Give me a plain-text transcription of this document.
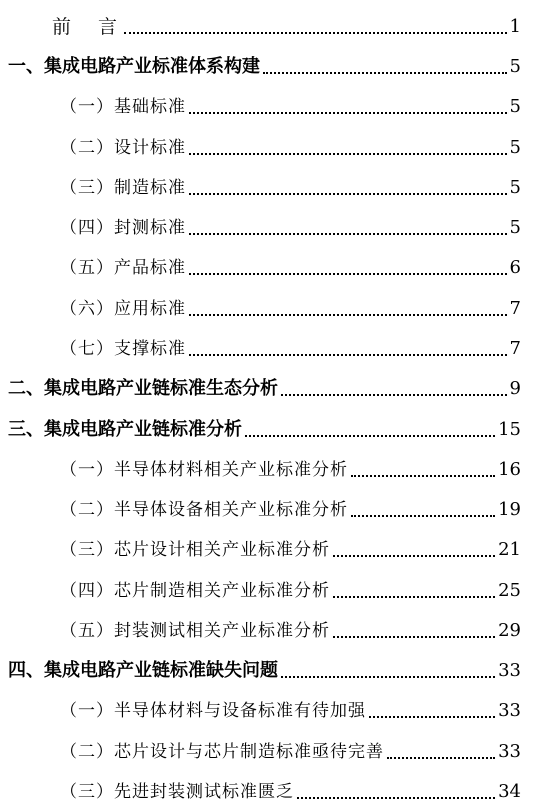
前　言	1
一、集成电路产业标准体系构建	5
（一）基础标准	5
（二）设计标准	5
（三）制造标准	5
（四）封测标准	5
（五）产品标准	6
（六）应用标准	7
（七）支撑标准	7
二、集成电路产业链标准生态分析	9
三、集成电路产业链标准分析	15
（一）半导体材料相关产业标准分析	16
（二）半导体设备相关产业标准分析	19
（三）芯片设计相关产业标准分析	21
（四）芯片制造相关产业标准分析	25
（五）封装测试相关产业标准分析	29
四、集成电路产业链标准缺失问题	33
（一）半导体材料与设备标准有待加强	33
（二）芯片设计与芯片制造标准亟待完善	33
（三）先进封装测试标准匮乏	34
